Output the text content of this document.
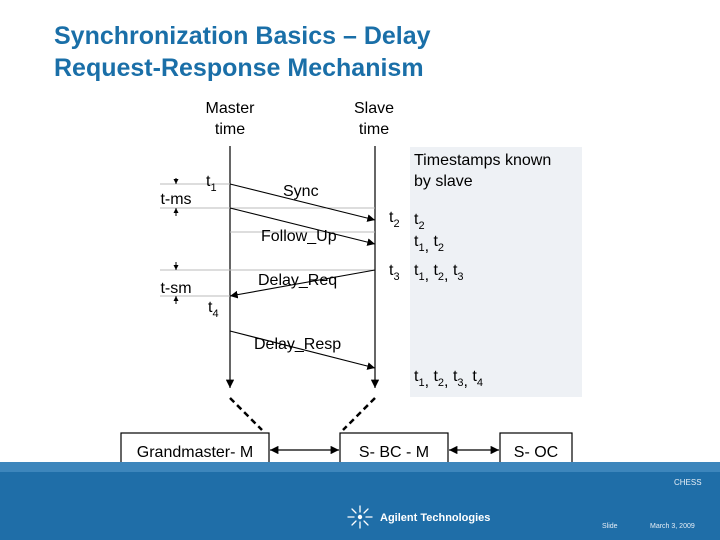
Synchronization Basics – Delay
Request-Response Mechanism
Master
time
Slave
time
Timestamps known
by slave
$t_2$
$t_1$, $t_2$
$t_1$, $t_2$, $t_3$
$t_1$, $t_2$, $t_3$, $t_4$
t-ms
t-sm
$t_1$
$t_2$
$t_3$
$t_4$
Sync
Follow_Up
Delay_Req
Delay_Resp
Grandmaster- M	S- BC - M	S- OC
CHESS
Agilent Technologies
Slide	March 3, 2009
